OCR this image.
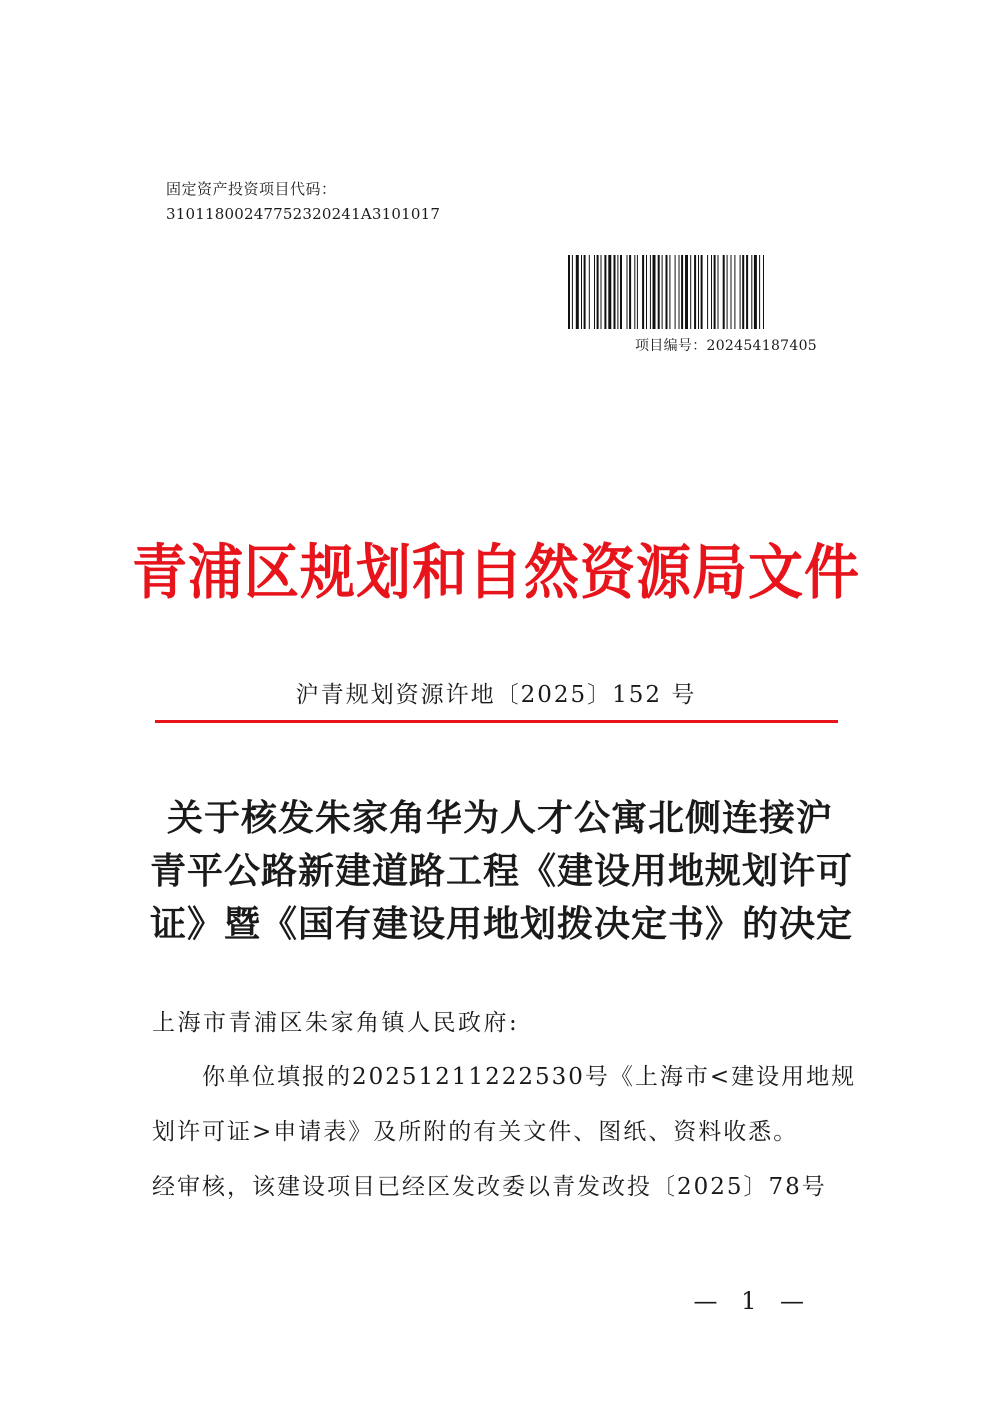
固定资产投资项目代码：
31011800247752320241A3101017
项目编号：202454187405
青浦区规划和自然资源局文件
沪青规划资源许地〔2025〕152 号
关于核发朱家角华为人才公寓北侧连接沪
青平公路新建道路工程《建设用地规划许可
证》暨《国有建设用地划拨决定书》的决定
上海市青浦区朱家角镇人民政府:
　　你单位填报的20251211222530号《上海市<建设用地规
划许可证>申请表》及所附的有关文件、图纸、资料收悉。
经审核，该建设项目已经区发改委以青发改投〔2025〕78号
— 1 —
